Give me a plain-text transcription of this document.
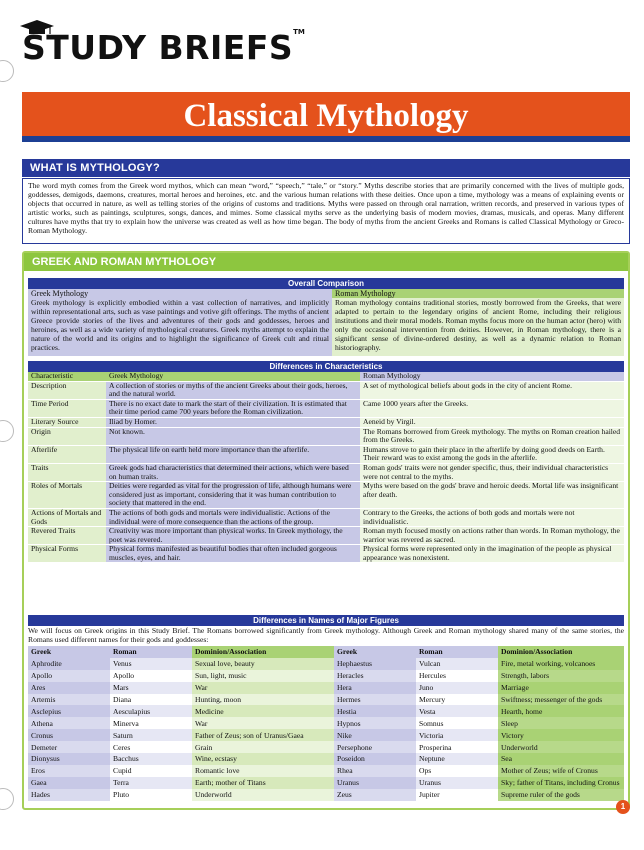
STUDY BRIEFS™
Classical Mythology
WHAT IS MYTHOLOGY?
The word myth comes from the Greek word mythos, which can mean “word,” “speech,” “tale,” or “story.” Myths describe stories that are primarily concerned with the lives of multiple gods, goddesses, demigods, daemons, creatures, mortal heroes and heroines, etc. and the various human relations with these deities. Once upon a time, mythology was a means of explaining events or objects that occurred in nature, as well as telling stories of the origins of customs and traditions. Myths were passed on through oral narration, written records, and preserved in various types of artistic works, such as paintings, sculptures, songs, dances, and mimes. Some classical myths serve as the underlying basis of modern movies, dramas, musicals, and operas. Many different cultures have myths that try to explain how the universe was created as well as how time began. The body of myths from the ancient Greeks and Romans is called Classical Mythology or Greco-Roman Mythology.
GREEK AND ROMAN MYTHOLOGY
Overall Comparison
Greek Mythology	Roman Mythology
Greek mythology is explicitly embodied within a vast collection of narratives, and implicitly within representational arts, such as vase paintings and votive gift offerings. The myths of ancient Greece provide stories of the lives and adventures of their gods and goddesses, heroes and heroines, as well as a wide variety of mythological creatures. Greek myths attempt to explain the nature of the world and its origins and to highlight the significance of Greek cult and ritual practices.
Roman mythology contains traditional stories, mostly borrowed from the Greeks, that were adapted to pertain to the legendary origins of ancient Rome, including their religious institutions and their moral models. Roman myths focus more on the human actor (hero) with only the occasional intervention from deities. However, in Roman mythology, there is a significant sense of divine-ordered destiny, as well as a dynamic relation to Roman historiography.
Differences in Characteristics
Characteristic	Greek Mythology	Roman Mythology
Description	A collection of stories or myths of the ancient Greeks about their gods, heroes, and the natural world.	A set of mythological beliefs about gods in the city of ancient Rome.
Time Period	There is no exact date to mark the start of their civilization. It is estimated that their time period came 700 years before the Roman civilization.	Came 1000 years after the Greeks.
Literary Source	Iliad by Homer.	Aeneid by Virgil.
Origin	Not known.	The Romans borrowed from Greek mythology. The myths on Roman creation hailed from the Greeks.
Afterlife	The physical life on earth held more importance than the afterlife.	Humans strove to gain their place in the afterlife by doing good deeds on Earth. Their reward was to exist among the gods in the afterlife.
Traits	Greek gods had characteristics that determined their actions, which were based on human traits.	Roman gods' traits were not gender specific, thus, their individual characteristics were not central to the myths.
Roles of Mortals	Deities were regarded as vital for the progression of life, although humans were considered just as important, considering that it was human contribution to society that mattered in the end.	Myths were based on the gods' brave and heroic deeds. Mortal life was insignificant after death.
Actions of Mortals and Gods	The actions of both gods and mortals were individualistic. Actions of the individual were of more consequence than the actions of the group.	Contrary to the Greeks, the actions of both gods and mortals were not individualistic.
Revered Traits	Creativity was more important than physical works. In Greek mythology, the poet was revered.	Roman myth focused mostly on actions rather than words. In Roman mythology, the warrior was revered as sacred.
Physical Forms	Physical forms manifested as beautiful bodies that often included gorgeous muscles, eyes, and hair.	Physical forms were represented only in the imagination of the people as physical appearance was nonexistent.
Differences in Names of Major Figures
We will focus on Greek origins in this Study Brief. The Romans borrowed significantly from Greek mythology. Although Greek and Roman mythology shared many of the same stories, the Romans used different names for their gods and goddesses:
Greek	Roman	Dominion/Association
Aphrodite	Venus	Sexual love, beauty
Apollo	Apollo	Sun, light, music
Ares	Mars	War
Artemis	Diana	Hunting, moon
Asclepius	Aesculapius	Medicine
Athena	Minerva	War
Cronus	Saturn	Father of Zeus; son of Uranus/Gaea
Demeter	Ceres	Grain
Dionysus	Bacchus	Wine, ecstasy
Eros	Cupid	Romantic love
Gaea	Terra	Earth; mother of Titans
Hades	Pluto	Underworld
Greek	Roman	Dominion/Association
Hephaestus	Vulcan	Fire, metal working, volcanoes
Heracles	Hercules	Strength, labors
Hera	Juno	Marriage
Hermes	Mercury	Swiftness; messenger of the gods
Hestia	Vesta	Hearth, home
Hypnos	Somnus	Sleep
Nike	Victoria	Victory
Persephone	Prosperina	Underworld
Poseidon	Neptune	Sea
Rhea	Ops	Mother of Zeus; wife of Cronus
Uranus	Uranus	Sky; father of Titans, including Cronus
Zeus	Jupiter	Supreme ruler of the gods
1
